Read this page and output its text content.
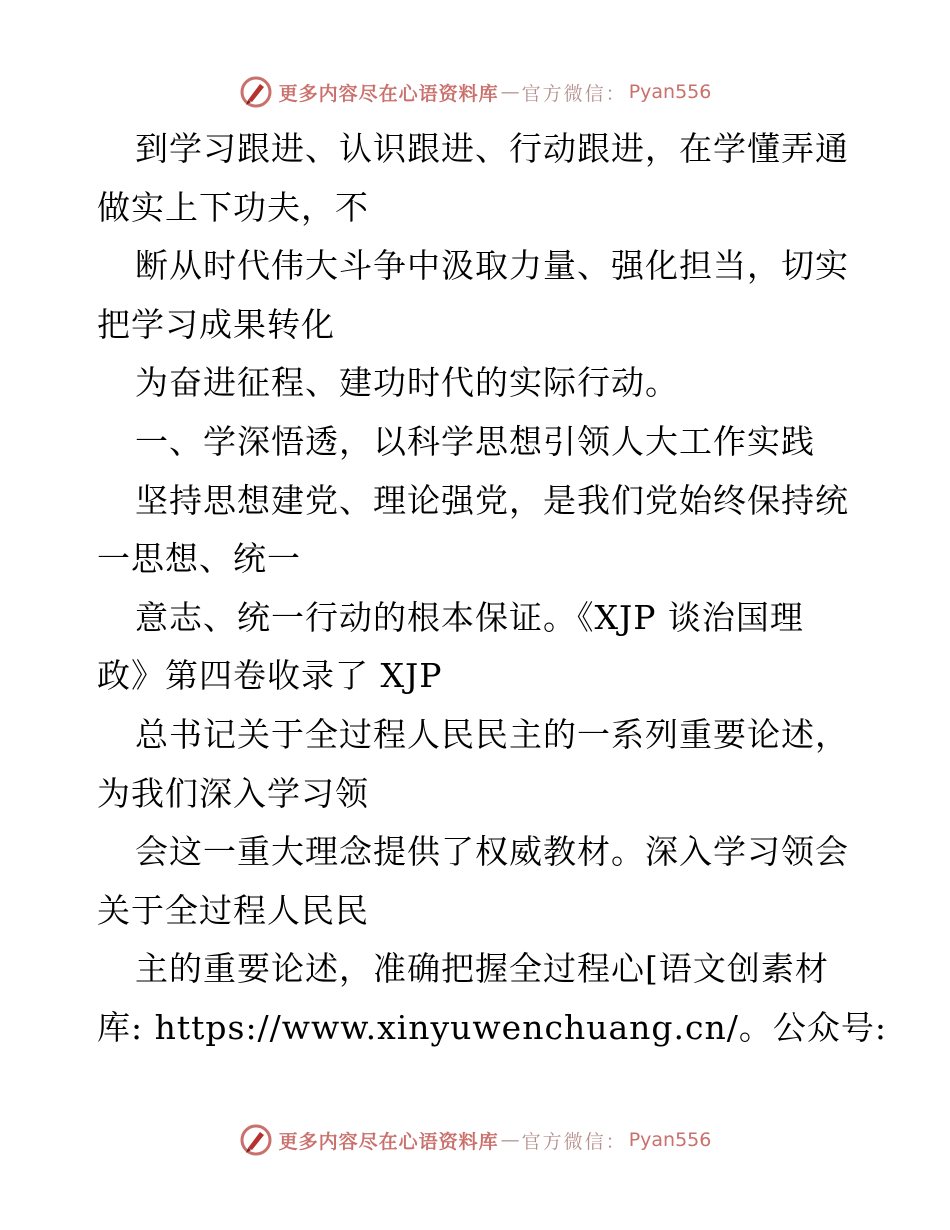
更多内容尽在心语资料库 — 官方微信： Pyan556
到学习跟进、认识跟进、行动跟进，在学懂弄通
做实上下功夫，不
断从时代伟大斗争中汲取力量、强化担当，切实
把学习成果转化
为奋进征程、建功时代的实际行动。
一、学深悟透，以科学思想引领人大工作实践
坚持思想建党、理论强党，是我们党始终保持统
一思想、统一
意志、统一行动的根本保证。《XJP 谈治国理
政》第四卷收录了 XJP
总书记关于全过程人民民主的一系列重要论述，
为我们深入学习领
会这一重大理念提供了权威教材。深入学习领会
关于全过程人民民
主的重要论述，准确把握全过程心[语文创素材
库: https://www.xinyuwenchuang.cn/。公众号:
更多内容尽在心语资料库 — 官方微信： Pyan556
